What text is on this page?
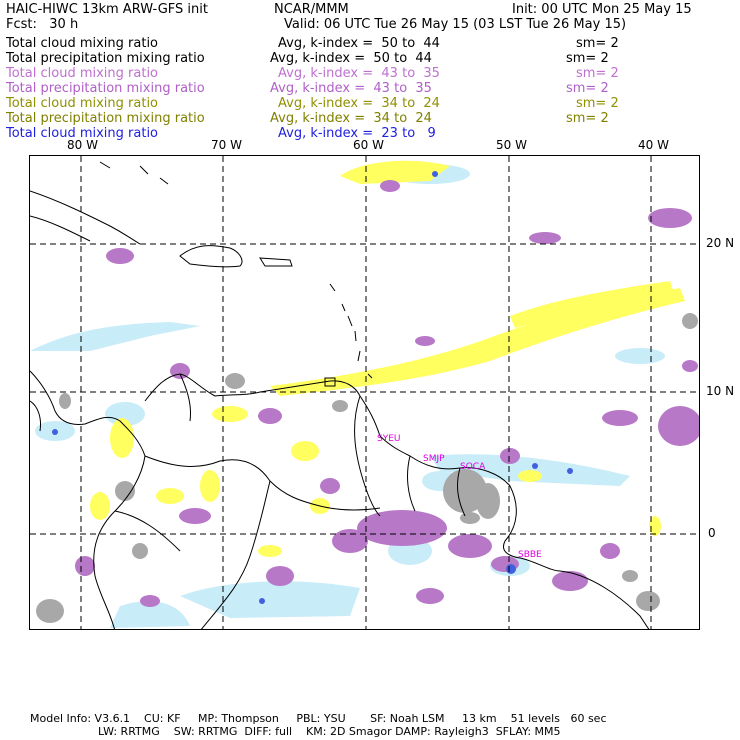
HAIC-HIWC 13km ARW-GFS init	NCAR/MMM	Init: 00 UTC Mon 25 May 15
Fcst:   30 h	Valid: 06 UTC Tue 26 May 15 (03 LST Tue 26 May 15)
Total cloud mixing ratio	Avg, k-index =  50 to  44	sm= 2
Total precipitation mixing ratio	Avg, k-index =  50 to  44	sm= 2
Total cloud mixing ratio	Avg, k-index =  43 to  35	sm= 2
Total precipitation mixing ratio	Avg, k-index =  43 to  35	sm= 2
Total cloud mixing ratio	Avg, k-index =  34 to  24	sm= 2
Total precipitation mixing ratio	Avg, k-index =  34 to  24	sm= 2
Total cloud mixing ratio	Avg, k-index =  23 to   9
80 W	70 W	60 W	50 W	40 W
20 N
10 N
0
SYEU
SMJP
SOCA
SBBE
Model Info: V3.6.1    CU: KF     MP: Thompson     PBL: YSU       SF: Noah LSM     13 km    51 levels   60 sec
LW: RRTMG    SW: RRTMG  DIFF: full    KM: 2D Smagor DAMP: Rayleigh3  SFLAY: MM5
